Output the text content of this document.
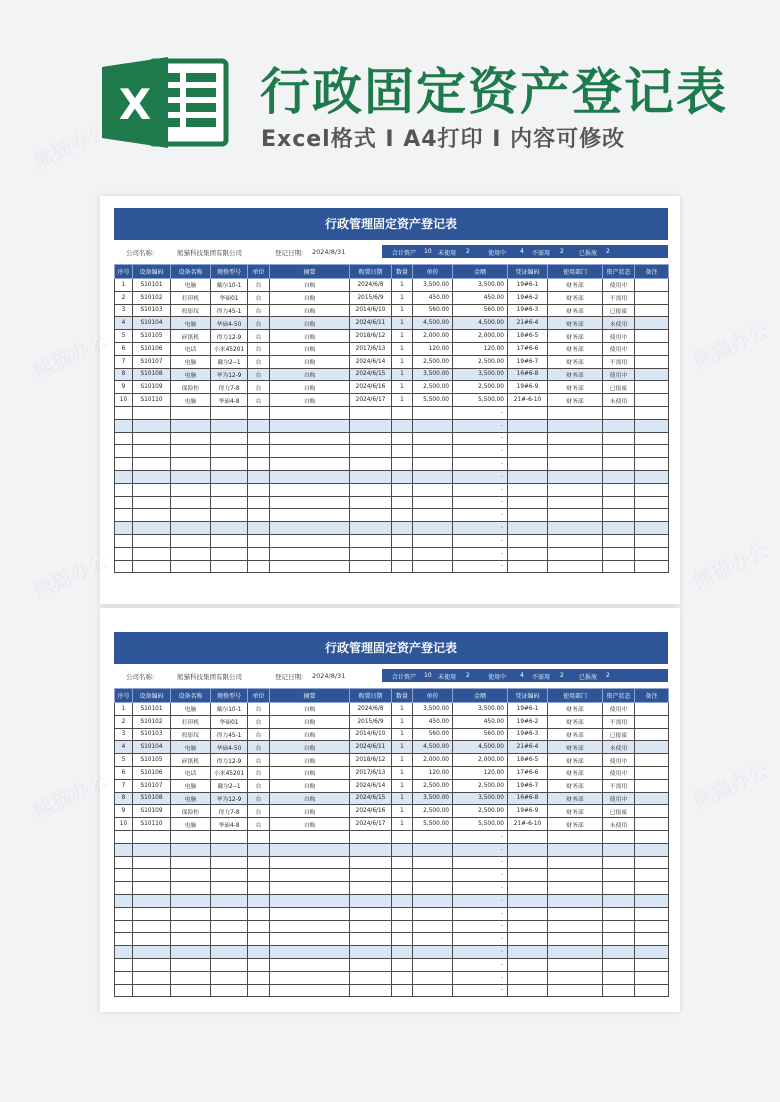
X 行政固定资产登记表
Excel格式 I A4打印 I 内容可修改
行政管理固定资产登记表
公司名称:	熊猫科技集团有限公司	登记日期: 2024/8/31	合计资产 10 未使用 2	使用中 4 不需用 2	已报废 2
序号	设备编码	设备名称	规格型号	单位	摘要	购置日期	数量	单价	金额	凭证编码	使用部门	资产状态	备注
1	S10101	电脑	戴尔10-1	台	自购	2024/6/8	1	3,500.00	3,500.00	19#6-1	财务部	使用中	
2	S10102	打印机	华硕01	台	自购	2015/6/9	1	450.00	450.00	19#6-2	财务部	不需用	
3	S10103	投影仪	得力45-1	台	自购	2014/6/10	1	560.00	560.00	19#6-3	财务部	已报废	
4	S10104	电脑	华硕4-50	台	自购	2024/6/11	1	4,500.00	4,500.00	21#6-4	财务部	未使用	
5	S10105	碎纸机	得力12-9	台	自购	2018/6/12	1	2,000.00	2,000.00	18#6-5	财务部	使用中	
6	S10106	电话	小米45201	台	自购	2017/6/13	1	120.00	120.00	17#6-6	财务部	使用中	
7	S10107	电脑	戴尔2--1	台	自购	2024/6/14	1	2,500.00	2,500.00	19#6-7	财务部	不需用	
8	S10108	电脑	华为12-9	台	自购	2024/6/15	1	3,500.00	3,500.00	16#6-8	财务部	使用中	
9	S10109	保险柜	得力7-8	台	自购	2024/6/16	1	2,500.00	2,500.00	19#6-9	财务部	已报废	
10	S10110	电脑	华硕4-8	台	自购	2024/6/17	1	5,500.00	5,500.00	21#-6-10	财务部	未使用	
									-				
									-				
									-				
									-				
									-				
									-				
									-				
									-				
									-				
									-				
									-				
									-				
									-				
行政管理固定资产登记表
公司名称:	熊猫科技集团有限公司	登记日期: 2024/8/31	合计资产 10 未使用 2	使用中 4 不需用 2	已报废 2
序号	设备编码	设备名称	规格型号	单位	摘要	购置日期	数量	单价	金额	凭证编码	使用部门	资产状态	备注
1	S10101	电脑	戴尔10-1	台	自购	2024/6/8	1	3,500.00	3,500.00	19#6-1	财务部	使用中	
2	S10102	打印机	华硕01	台	自购	2015/6/9	1	450.00	450.00	19#6-2	财务部	不需用	
3	S10103	投影仪	得力45-1	台	自购	2014/6/10	1	560.00	560.00	19#6-3	财务部	已报废	
4	S10104	电脑	华硕4-50	台	自购	2024/6/11	1	4,500.00	4,500.00	21#6-4	财务部	未使用	
5	S10105	碎纸机	得力12-9	台	自购	2018/6/12	1	2,000.00	2,000.00	18#6-5	财务部	使用中	
6	S10106	电话	小米45201	台	自购	2017/6/13	1	120.00	120.00	17#6-6	财务部	使用中	
7	S10107	电脑	戴尔2--1	台	自购	2024/6/14	1	2,500.00	2,500.00	19#6-7	财务部	不需用	
8	S10108	电脑	华为12-9	台	自购	2024/6/15	1	3,500.00	3,500.00	16#6-8	财务部	使用中	
9	S10109	保险柜	得力7-8	台	自购	2024/6/16	1	2,500.00	2,500.00	19#6-9	财务部	已报废	
10	S10110	电脑	华硕4-8	台	自购	2024/6/17	1	5,500.00	5,500.00	21#-6-10	财务部	未使用	
									-				
									-				
									-				
									-				
									-				
									-				
									-				
									-				
									-				
									-				
									-				
									-				
									-				
熊猫办公
熊猫办公
熊猫办公
熊猫办公
熊猫办公
熊猫办公
熊猫办公
